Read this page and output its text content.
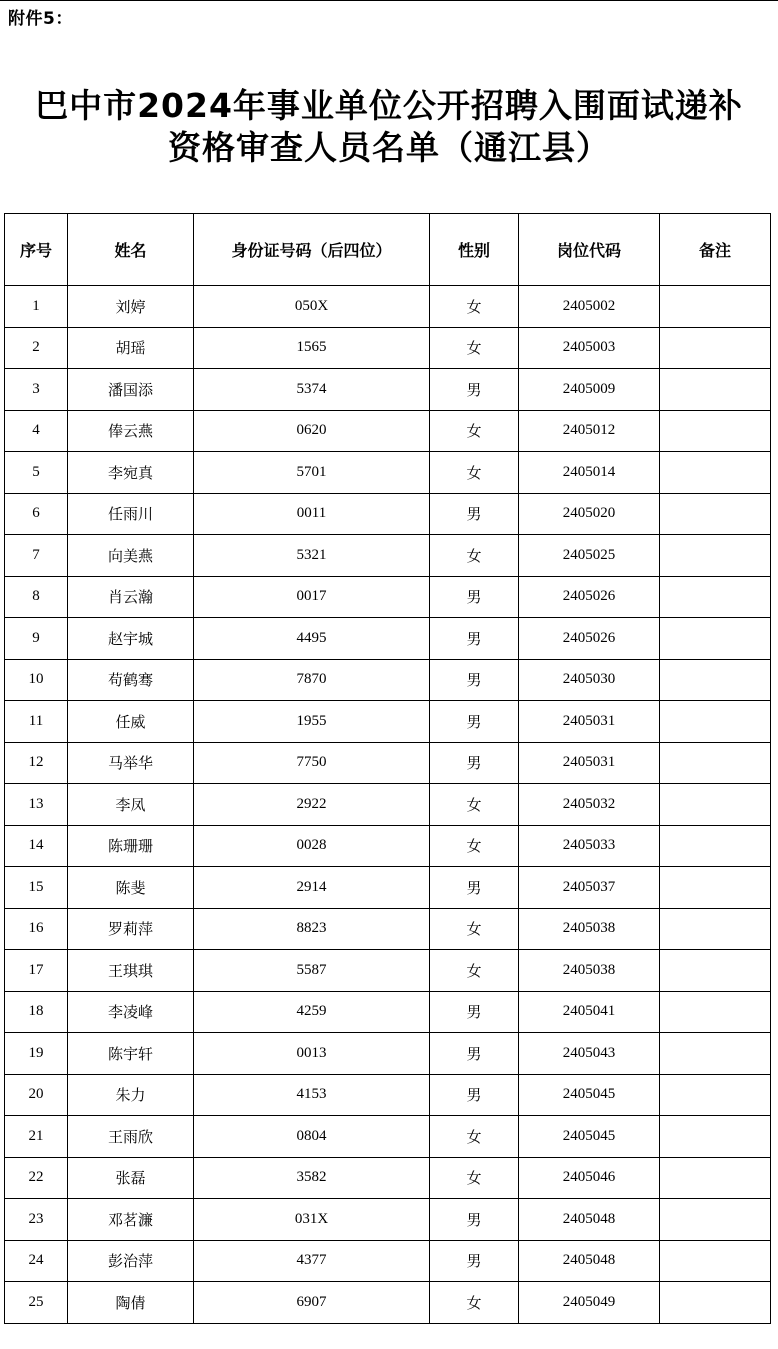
附件5：
巴中市2024年事业单位公开招聘入围面试递补
资格审查人员名单（通江县）
序号	姓名	身份证号码（后四位）	性别	岗位代码	备注
1	刘婷	050X	女	2405002	
2	胡瑶	1565	女	2405003	
3	潘国添	5374	男	2405009	
4	俸云燕	0620	女	2405012	
5	李宛真	5701	女	2405014	
6	任雨川	0011	男	2405020	
7	向美燕	5321	女	2405025	
8	肖云瀚	0017	男	2405026	
9	赵宇城	4495	男	2405026	
10	苟鹤骞	7870	男	2405030	
11	任威	1955	男	2405031	
12	马举华	7750	男	2405031	
13	李凤	2922	女	2405032	
14	陈珊珊	0028	女	2405033	
15	陈斐	2914	男	2405037	
16	罗莉萍	8823	女	2405038	
17	王琪琪	5587	女	2405038	
18	李凌峰	4259	男	2405041	
19	陈宇轩	0013	男	2405043	
20	朱力	4153	男	2405045	
21	王雨欣	0804	女	2405045	
22	张磊	3582	女	2405046	
23	邓茗濂	031X	男	2405048	
24	彭治萍	4377	男	2405048	
25	陶倩	6907	女	2405049	
